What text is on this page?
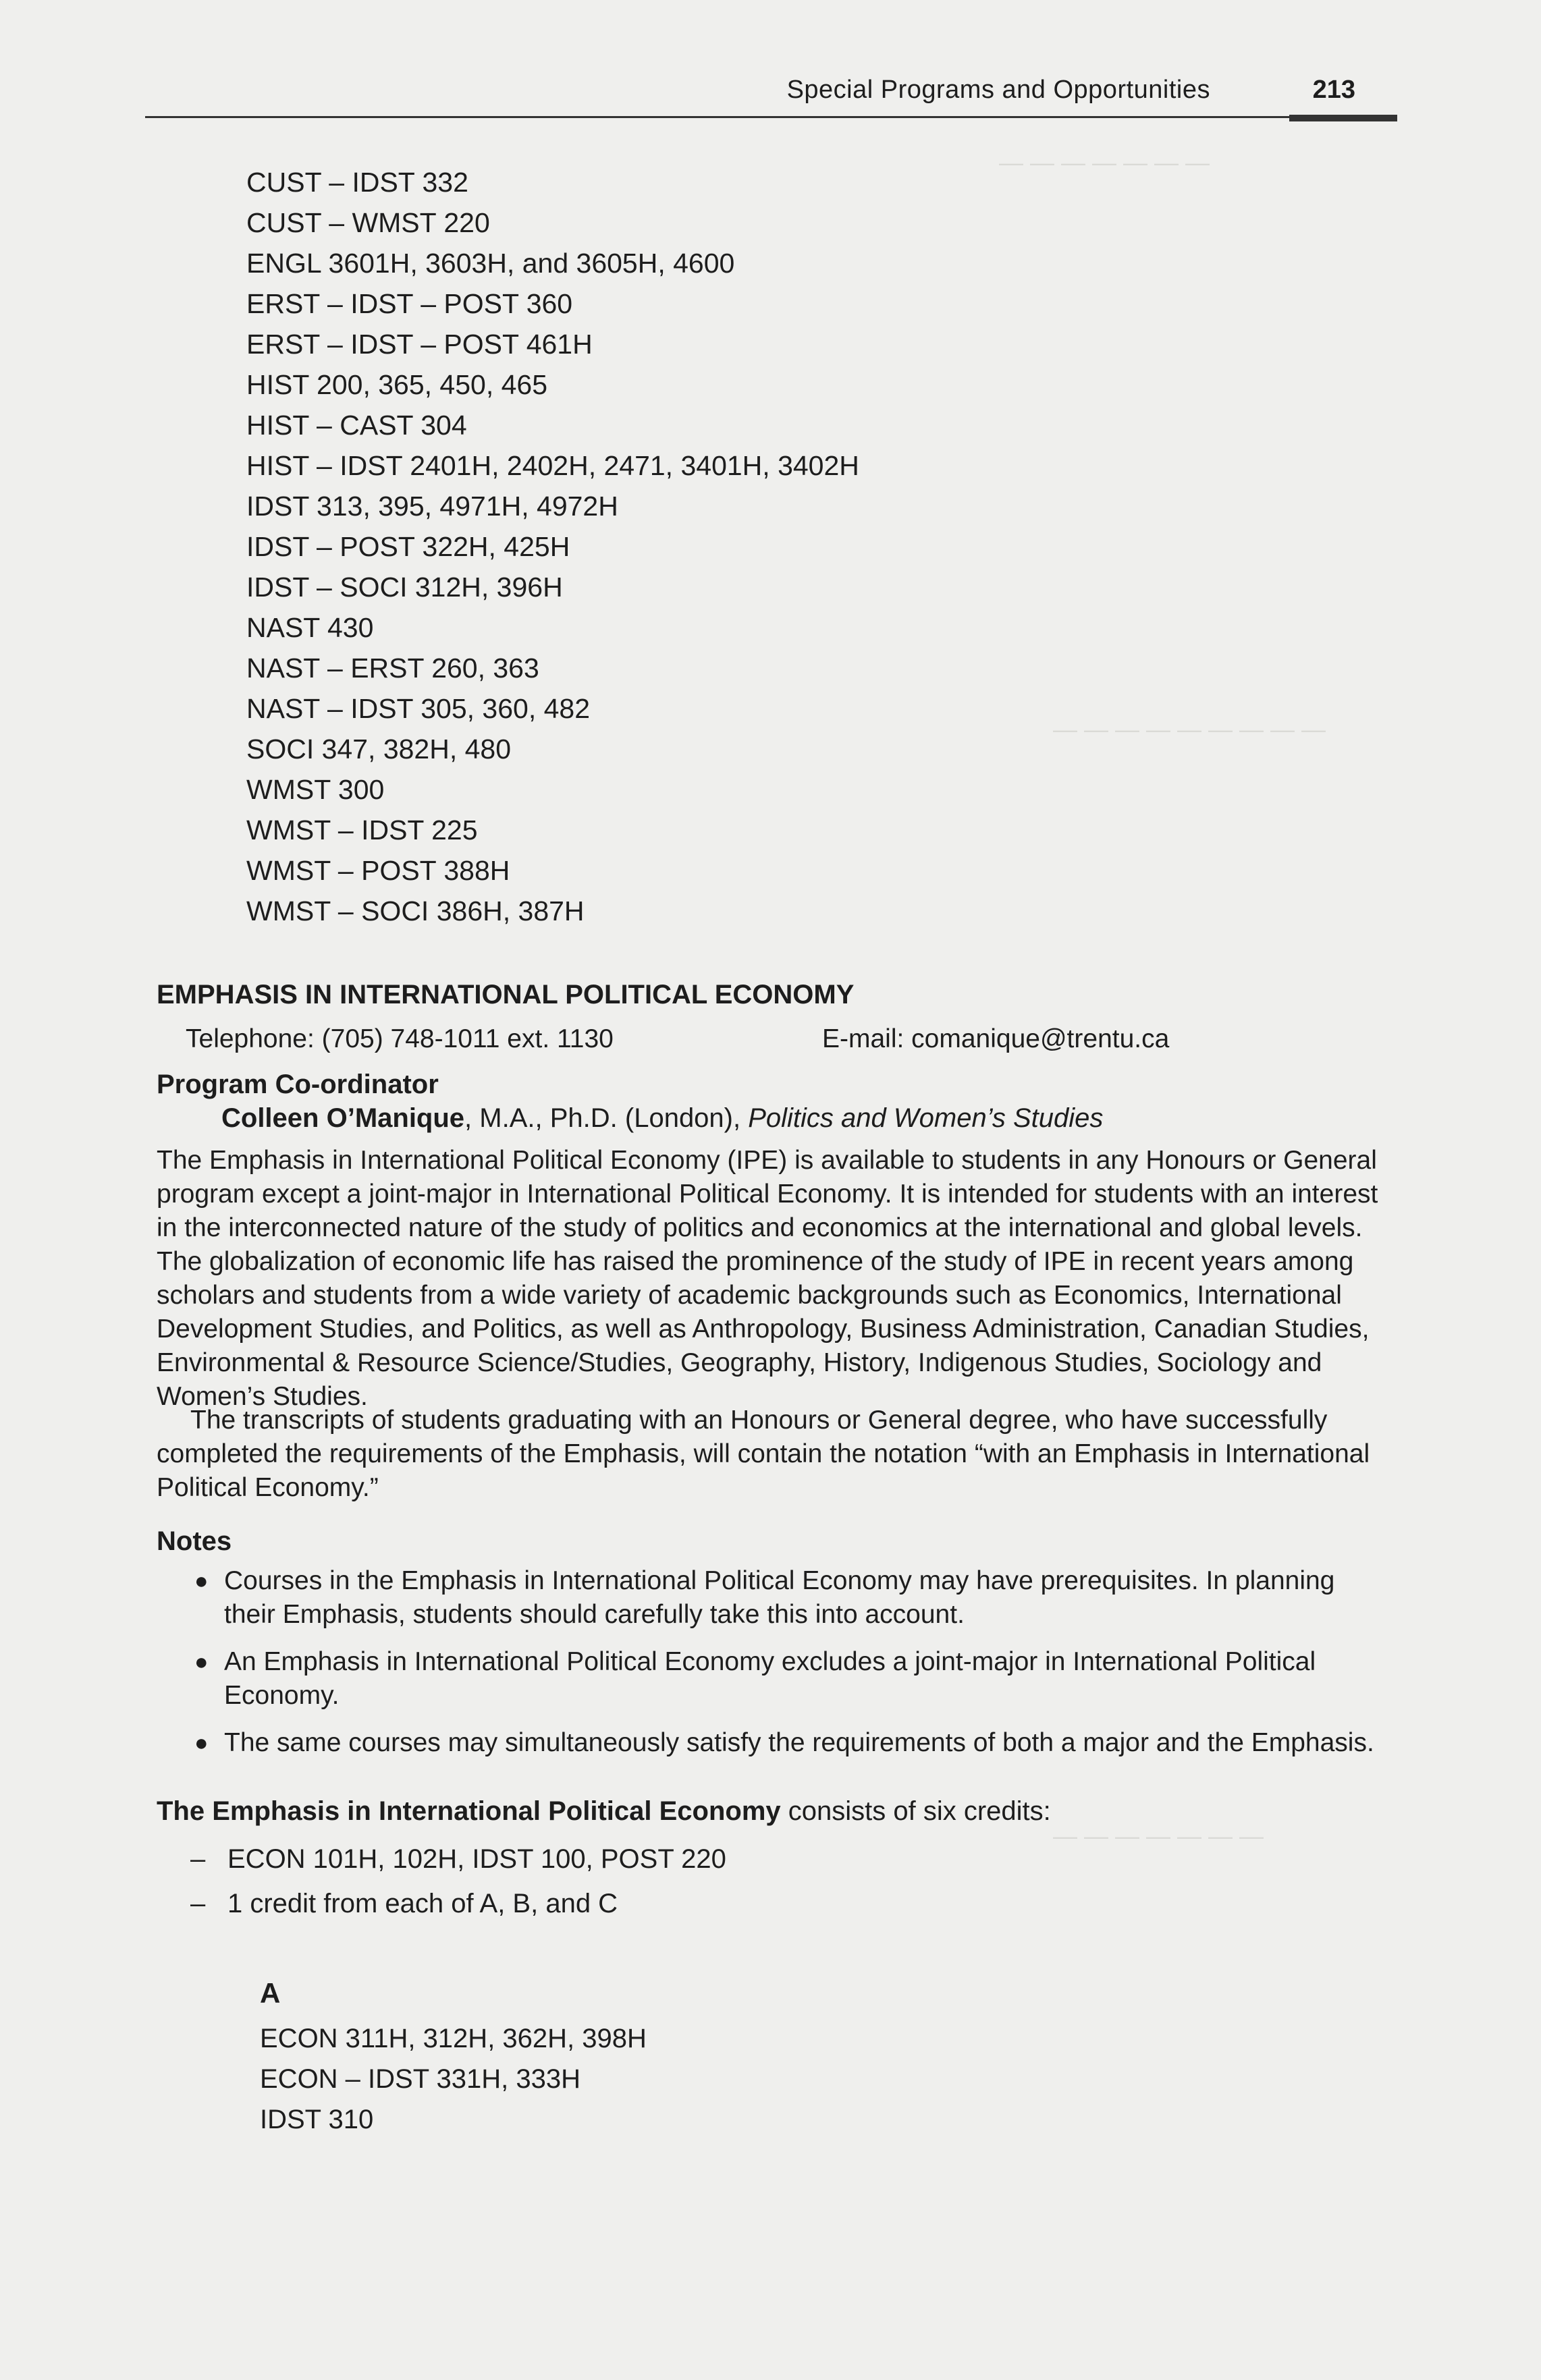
— — — — — — —
— — — — — — — — —
— — — — — — —
Special Programs and Opportunities	213
CUST – IDST 332
CUST – WMST 220
ENGL 3601H, 3603H, and 3605H, 4600
ERST – IDST – POST 360
ERST – IDST – POST 461H
HIST 200, 365, 450, 465
HIST – CAST 304
HIST – IDST 2401H, 2402H, 2471, 3401H, 3402H
IDST 313, 395, 4971H, 4972H
IDST – POST 322H, 425H
IDST – SOCI 312H, 396H
NAST 430
NAST – ERST 260, 363
NAST – IDST 305, 360, 482
SOCI 347, 382H, 480
WMST 300
WMST – IDST 225
WMST – POST 388H
WMST – SOCI 386H, 387H
EMPHASIS IN INTERNATIONAL POLITICAL ECONOMY
Telephone: (705) 748-1011 ext. 1130	E-mail: comanique@trentu.ca
Program Co-ordinator
Colleen O’Manique, M.A., Ph.D. (London), Politics and Women’s Studies

The Emphasis in International Political Economy (IPE) is available to students in any Honours or General program except a joint-major in International Political Economy. It is intended for students with an interest in the interconnected nature of the study of politics and economics at the international and global levels. The globalization of economic life has raised the prominence of the study of IPE in recent years among scholars and students from a wide variety of academic backgrounds such as Economics, International Development Studies, and Politics, as well as Anthropology, Business Administration, Canadian Studies, Environmental & Resource Science/Studies, Geography, History, Indigenous Studies, Sociology and Women’s Studies.

The transcripts of students graduating with an Honours or General degree, who have successfully completed the requirements of the Emphasis, will contain the notation “with an Emphasis in International Political Economy.”

Notes
● Courses in the Emphasis in International Political Economy may have prerequisites. In planning their Emphasis, students should carefully take this into account.
● An Emphasis in International Political Economy excludes a joint-major in International Political Economy.
● The same courses may simultaneously satisfy the requirements of both a major and the Emphasis.
The Emphasis in International Political Economy consists of six credits:
– ECON 101H, 102H, IDST 100, POST 220
– 1 credit from each of A, B, and C
A
ECON 311H, 312H, 362H, 398H
ECON – IDST 331H, 333H
IDST 310
